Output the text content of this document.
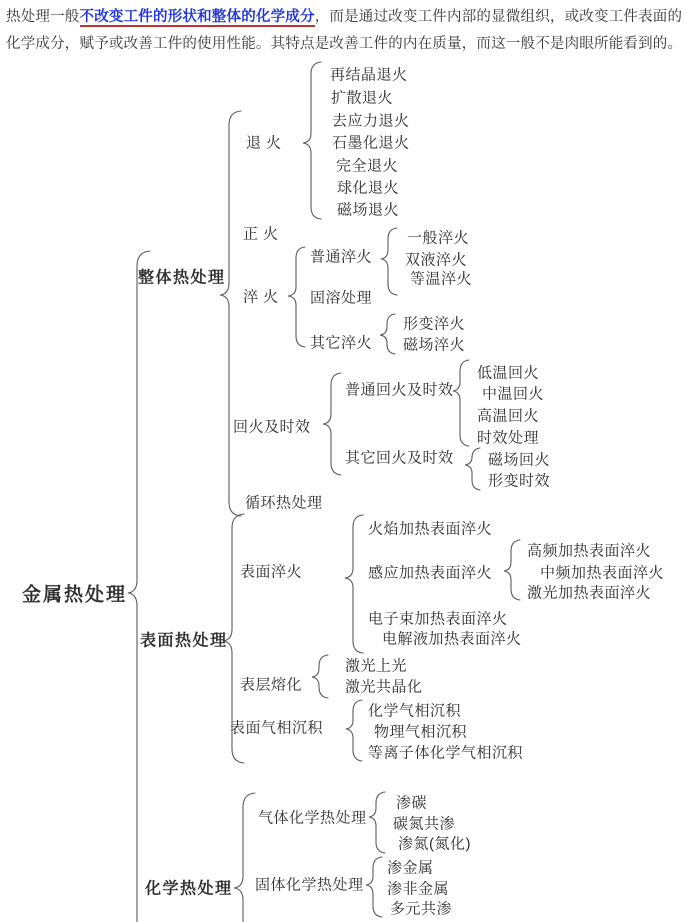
热处理一般不改变工件的形状和整体的化学成分，而是通过改变工件内部的显微组织，或改变工件表面的化学成分，赋予或改善工件的使用性能。其特点是改善工件的内在质量，而这一般不是肉眼所能看到的。
金属热处理
整体热处理
退火
再结晶退火
扩散退火
去应力退火
石墨化退火
完全退火
球化退火
磁场退火
正火
淬火
普通淬火
一般淬火
双液淬火
等温淬火
固溶处理
其它淬火
形变淬火
磁场淬火
回火及时效
普通回火及时效
低温回火
中温回火
高温回火
时效处理
其它回火及时效 磁场回火
形变时效
循环热处理
表面热处理
表面淬火
火焰加热表面淬火
感应加热表面淬火
高频加热表面淬火
中频加热表面淬火
激光加热表面淬火
电子束加热表面淬火
电解液加热表面淬火
表层熔化
激光上光
激光共晶化
表面气相沉积
化学气相沉积
物理气相沉积
等离子体化学气相沉积
化学热处理
气体化学热处理
渗碳
碳氮共渗
渗氮(氮化)
固体化学热处理
渗金属
渗非金属
多元共渗
